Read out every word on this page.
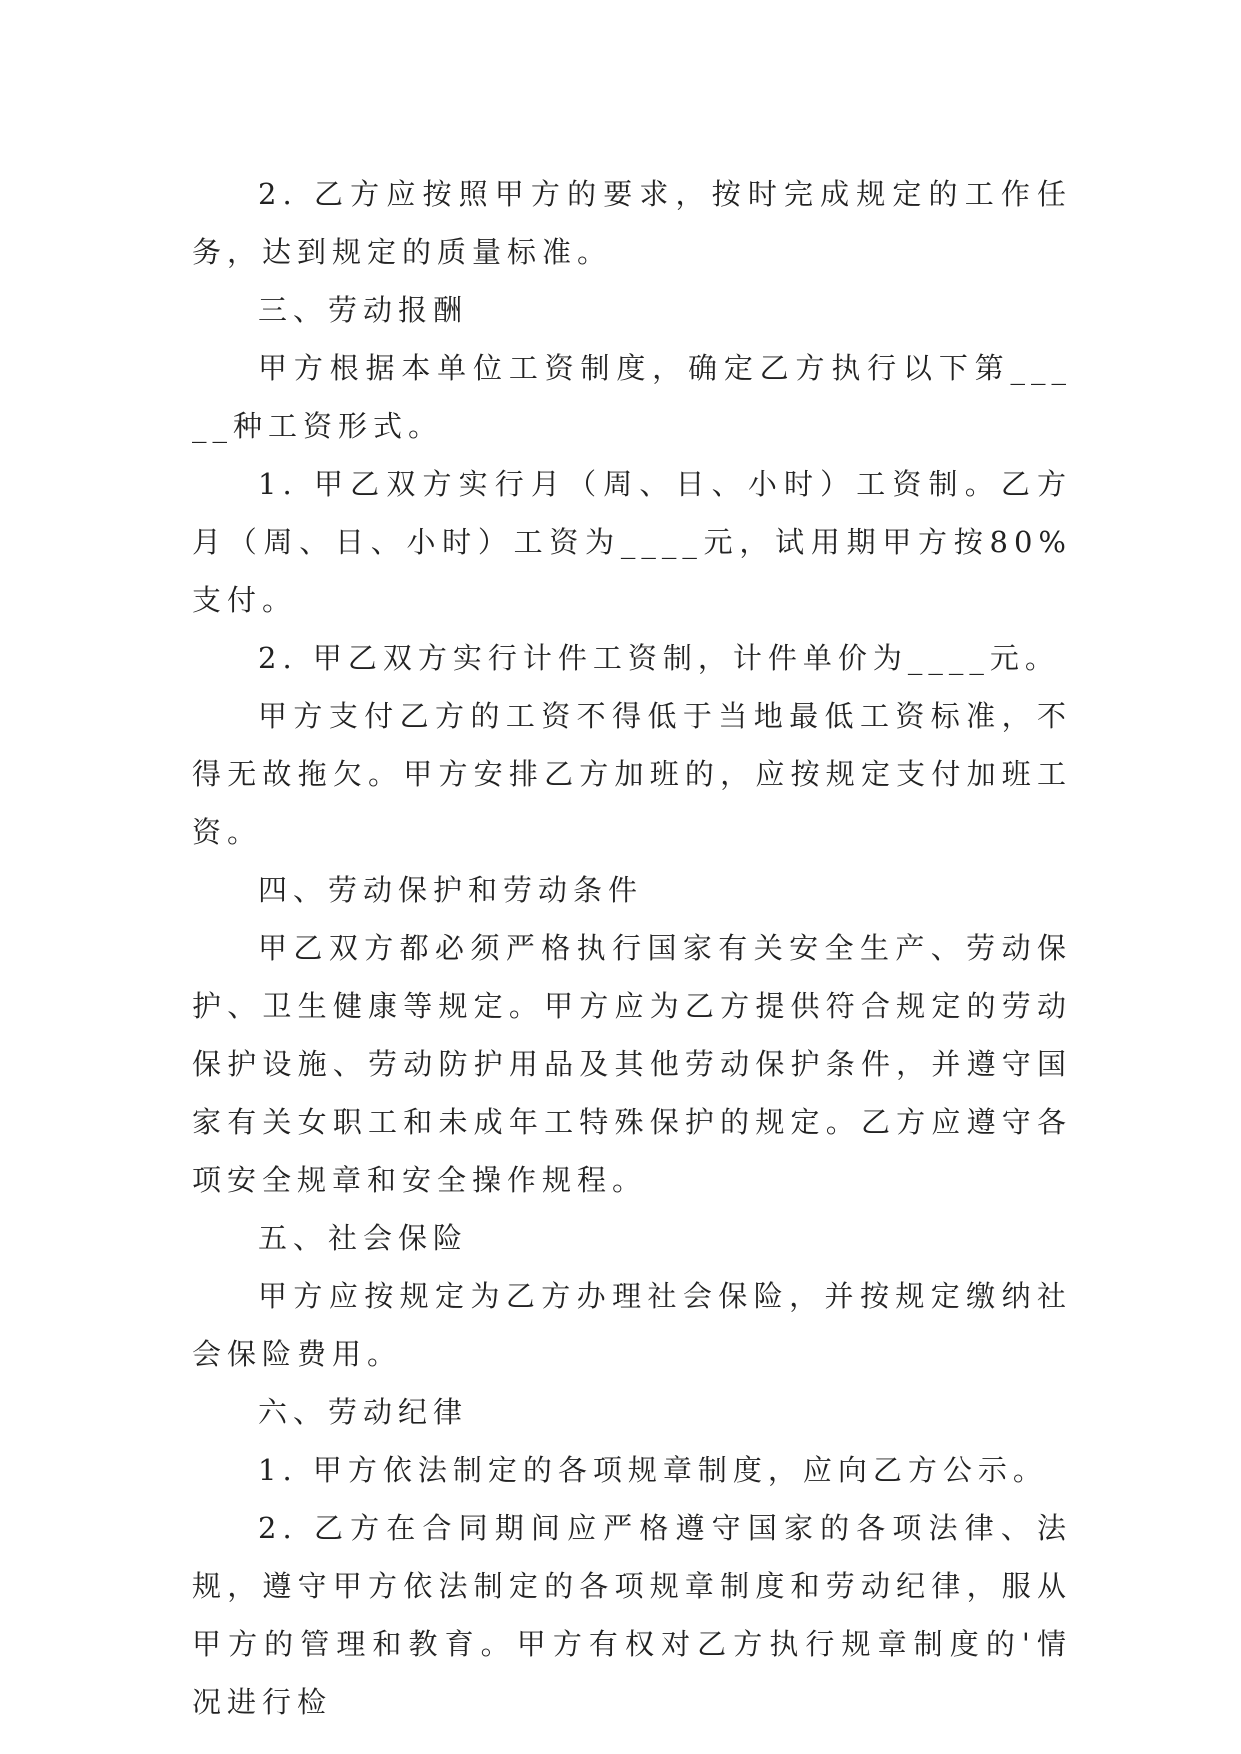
2. 乙方应按照甲方的要求，按时完成规定的工作任务，达到规定的质量标准。

三、劳动报酬

甲方根据本单位工资制度，确定乙方执行以下第_____种工资形式。

1. 甲乙双方实行月（周、日、小时）工资制。乙方月（周、日、小时）工资为____元，试用期甲方按80%支付。

2. 甲乙双方实行计件工资制，计件单价为____元。

甲方支付乙方的工资不得低于当地最低工资标准，不得无故拖欠。甲方安排乙方加班的，应按规定支付加班工资。

四、劳动保护和劳动条件

甲乙双方都必须严格执行国家有关安全生产、劳动保护、卫生健康等规定。甲方应为乙方提供符合规定的劳动保护设施、劳动防护用品及其他劳动保护条件，并遵守国家有关女职工和未成年工特殊保护的规定。乙方应遵守各项安全规章和安全操作规程。

五、社会保险

甲方应按规定为乙方办理社会保险，并按规定缴纳社会保险费用。

六、劳动纪律

1. 甲方依法制定的各项规章制度，应向乙方公示。

2. 乙方在合同期间应严格遵守国家的各项法律、法规，遵守甲方依法制定的各项规章制度和劳动纪律，服从甲方的管理和教育。甲方有权对乙方执行规章制度的'情况进行检
